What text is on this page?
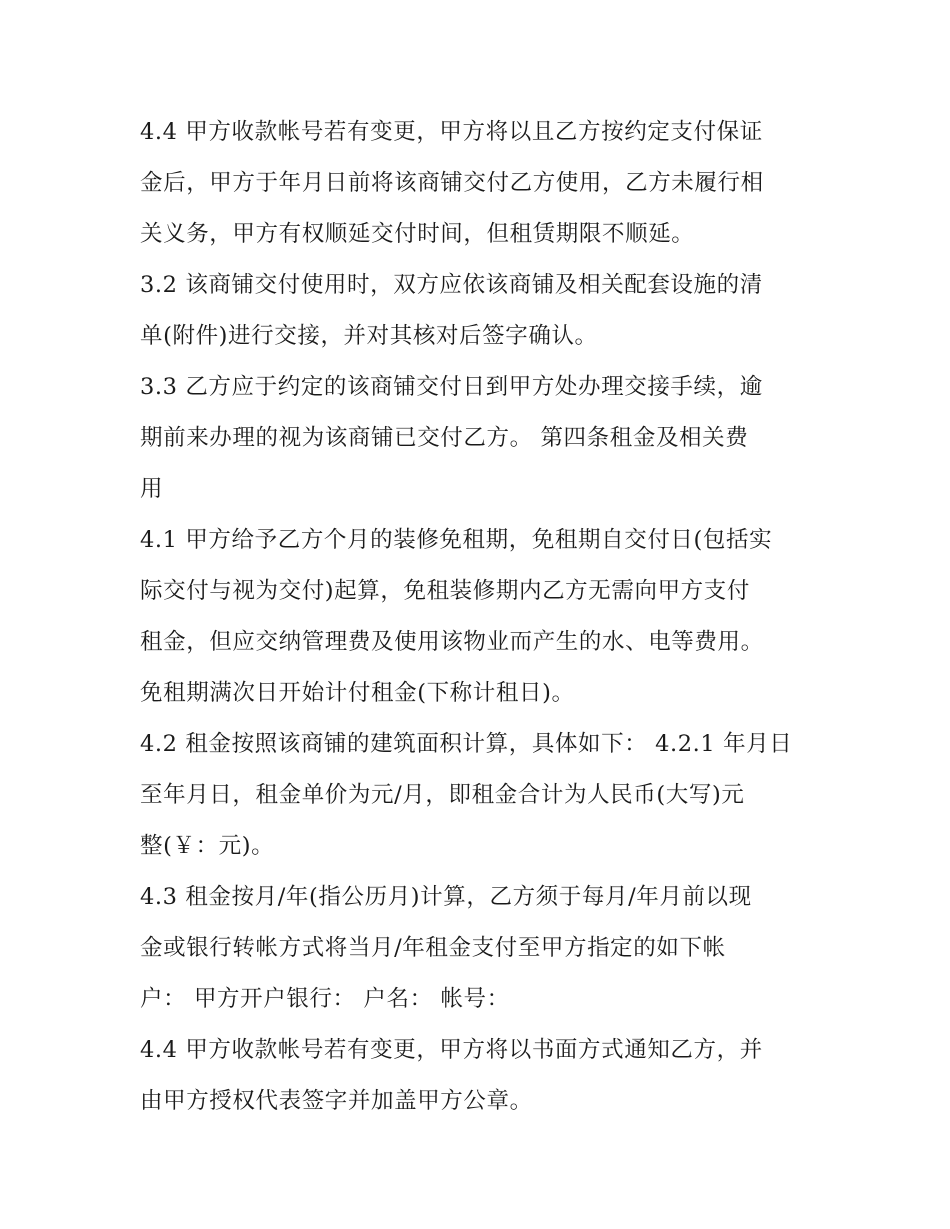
4.4 甲方收款帐号若有变更，甲方将以且乙方按约定支付保证
金后，甲方于年月日前将该商铺交付乙方使用，乙方未履行相
关义务，甲方有权顺延交付时间，但租赁期限不顺延。
3.2 该商铺交付使用时，双方应依该商铺及相关配套设施的清
单(附件)进行交接，并对其核对后签字确认。
3.3 乙方应于约定的该商铺交付日到甲方处办理交接手续，逾
期前来办理的视为该商铺已交付乙方。 第四条租金及相关费
用
4.1 甲方给予乙方个月的装修免租期，免租期自交付日(包括实
际交付与视为交付)起算，免租装修期内乙方无需向甲方支付
租金，但应交纳管理费及使用该物业而产生的水、电等费用。
免租期满次日开始计付租金(下称计租日)。
4.2 租金按照该商铺的建筑面积计算，具体如下： 4.2.1 年月日
至年月日，租金单价为元/月，即租金合计为人民币(大写)元
整(￥：元)。
4.3 租金按月/年(指公历月)计算，乙方须于每月/年月前以现
金或银行转帐方式将当月/年租金支付至甲方指定的如下帐
户： 甲方开户银行： 户名： 帐号：
4.4 甲方收款帐号若有变更，甲方将以书面方式通知乙方，并
由甲方授权代表签字并加盖甲方公章。
